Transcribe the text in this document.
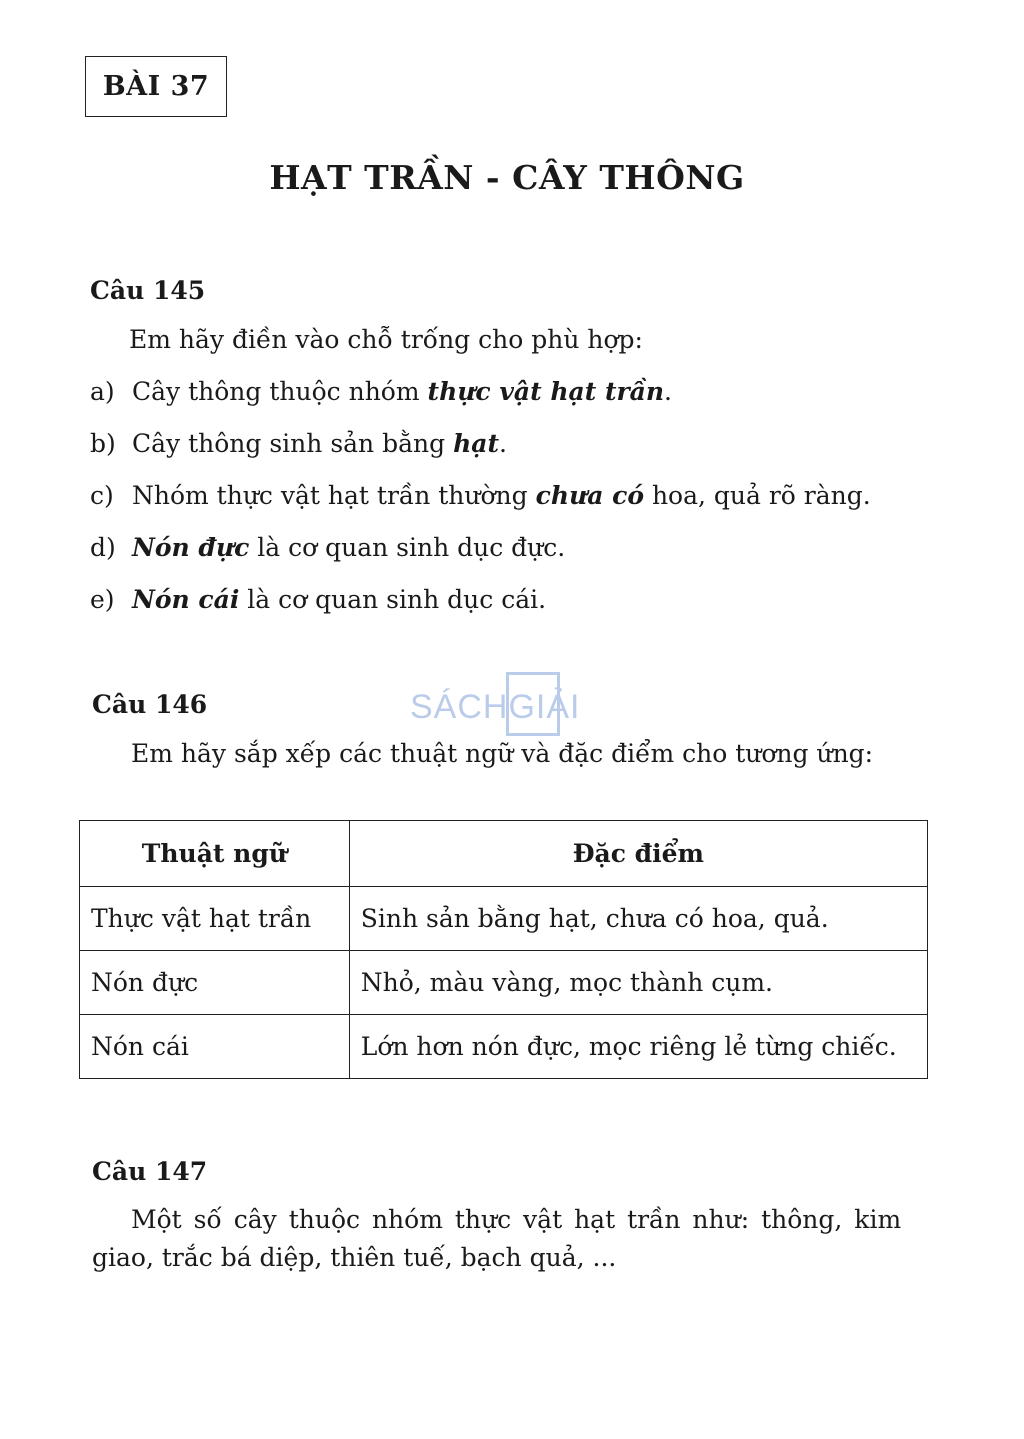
BÀI 37
HẠT TRẦN - CÂY THÔNG
Câu 145

Em hãy điền vào chỗ trống cho phù hợp:

a) Cây thông thuộc nhóm thực vật hạt trần.

b) Cây thông sinh sản bằng hạt.

c) Nhóm thực vật hạt trần thường chưa có hoa, quả rõ ràng.

d) Nón đực là cơ quan sinh dục đực.

e) Nón cái là cơ quan sinh dục cái.

Câu 146	SÁCHGIẢI

Em hãy sắp xếp các thuật ngữ và đặc điểm cho tương ứng:

Thuật ngữ	Đặc điểm
Thực vật hạt trần	Sinh sản bằng hạt, chưa có hoa, quả.
Nón đực	Nhỏ, màu vàng, mọc thành cụm.
Nón cái	Lớn hơn nón đực, mọc riêng lẻ từng chiếc.
Câu 147

Một số cây thuộc nhóm thực vật hạt trần như: thông, kim

giao, trắc bá diệp, thiên tuế, bạch quả, ...
